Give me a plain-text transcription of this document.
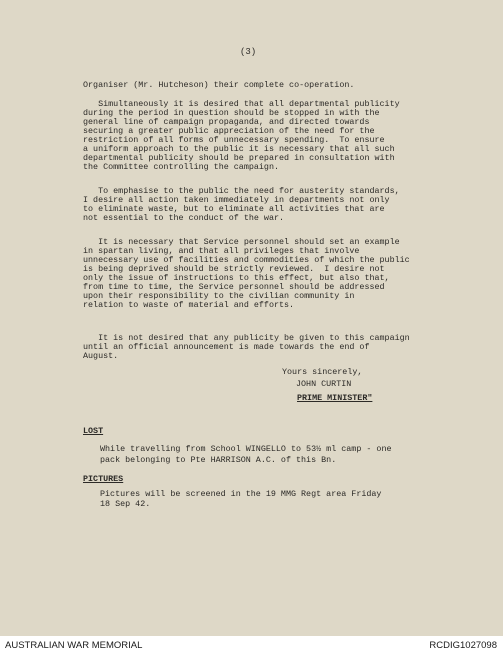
(3)

Organiser (Mr. Hutcheson) their complete co-operation.

Simultaneously it is desired that all departmental publicity

during the period in question should be stopped in with the

general line of campaign propaganda, and directed towards

securing a greater public appreciation of the need for the

restriction of all forms of unnecessary spending.  To ensure

a uniform approach to the public it is necessary that all such

departmental publicity should be prepared in consultation with

the Committee controlling the campaign.

To emphasise to the public the need for austerity standards,

I desire all action taken immediately in departments not only

to eliminate waste, but to eliminate all activities that are

not essential to the conduct of the war.

It is necessary that Service personnel should set an example

in spartan living, and that all privileges that involve

unnecessary use of facilities and commodities of which the public

is being deprived should be strictly reviewed.  I desire not

only the issue of instructions to this effect, but also that,

from time to time, the Service personnel should be addressed

upon their responsibility to the civilian community in

relation to waste of material and efforts.

It is not desired that any publicity be given to this campaign

until an official announcement is made towards the end of

August.

Yours sincerely,

JOHN CURTIN

PRIME MINISTER"

LOST

While travelling from School WINGELLO to 53½ ml camp - one

pack belonging to Pte HARRISON A.C. of this Bn.

PICTURES

Pictures will be screened in the 19 MMG Regt area Friday

18 Sep 42.

AUSTRALIAN WAR MEMORIAL	RCDIG1027098
